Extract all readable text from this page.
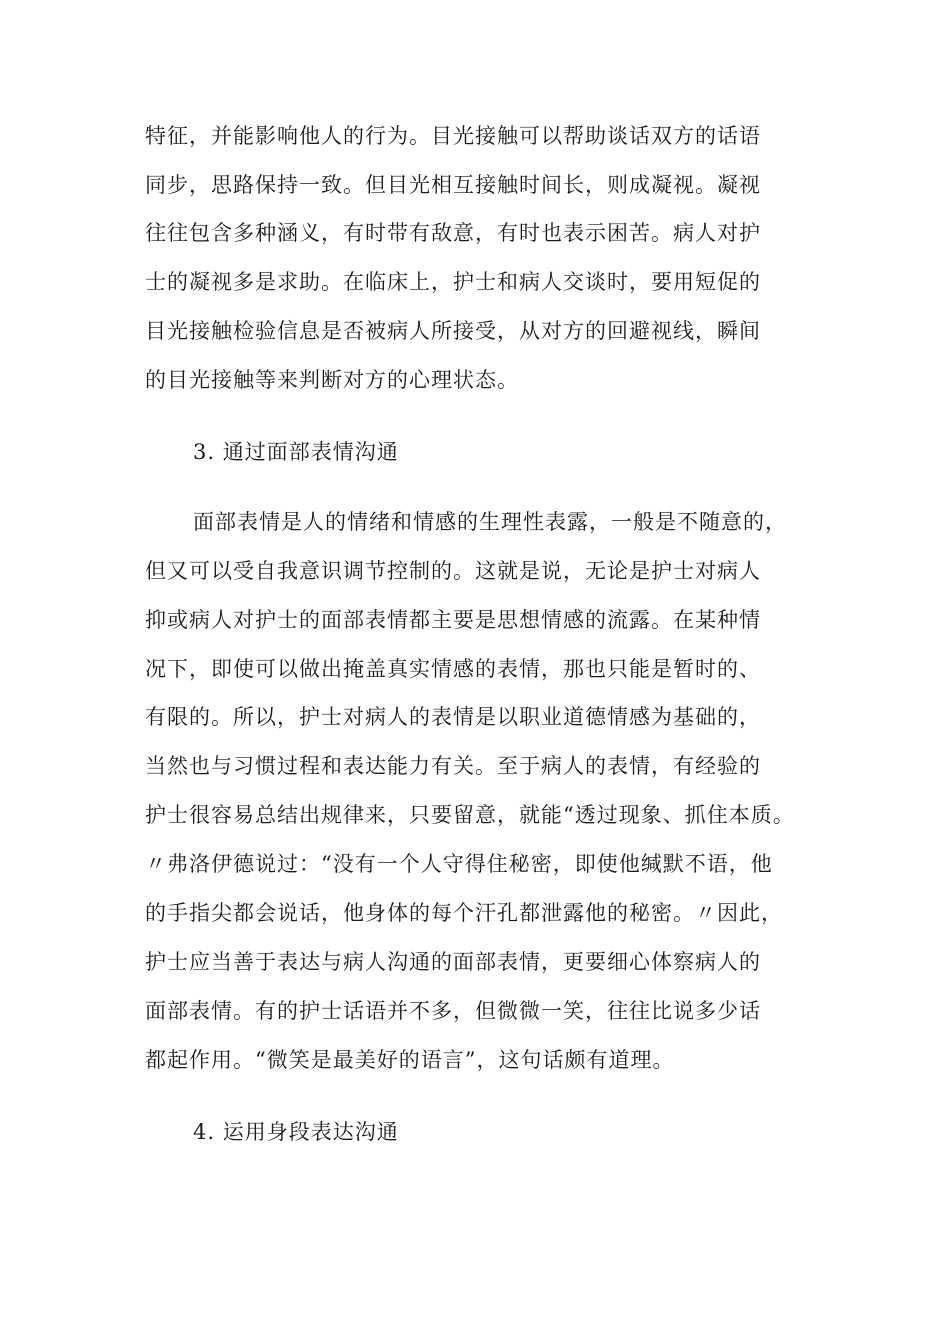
特征，并能影响他人的行为。目光接触可以帮助谈话双方的话语
同步，思路保持一致。但目光相互接触时间长，则成凝视。凝视
往往包含多种涵义，有时带有敌意，有时也表示困苦。病人对护
士的凝视多是求助。在临床上，护士和病人交谈时，要用短促的
目光接触检验信息是否被病人所接受，从对方的回避视线，瞬间
的目光接触等来判断对方的心理状态。
3. 通过面部表情沟通
面部表情是人的情绪和情感的生理性表露，一般是不随意的，
但又可以受自我意识调节控制的。这就是说，无论是护士对病人
抑或病人对护士的面部表情都主要是思想情感的流露。在某种情
况下，即使可以做出掩盖真实情感的表情，那也只能是暂时的、
有限的。所以，护士对病人的表情是以职业道德情感为基础的，
当然也与习惯过程和表达能力有关。至于病人的表情，有经验的
护士很容易总结出规律来，只要留意，就能“透过现象、抓住本质。
〃弗洛伊德说过：“没有一个人守得住秘密，即使他缄默不语，他
的手指尖都会说话，他身体的每个汗孔都泄露他的秘密。〃因此，
护士应当善于表达与病人沟通的面部表情，更要细心体察病人的
面部表情。有的护士话语并不多，但微微一笑，往往比说多少话
都起作用。“微笑是最美好的语言”，这句话颇有道理。
4. 运用身段表达沟通
